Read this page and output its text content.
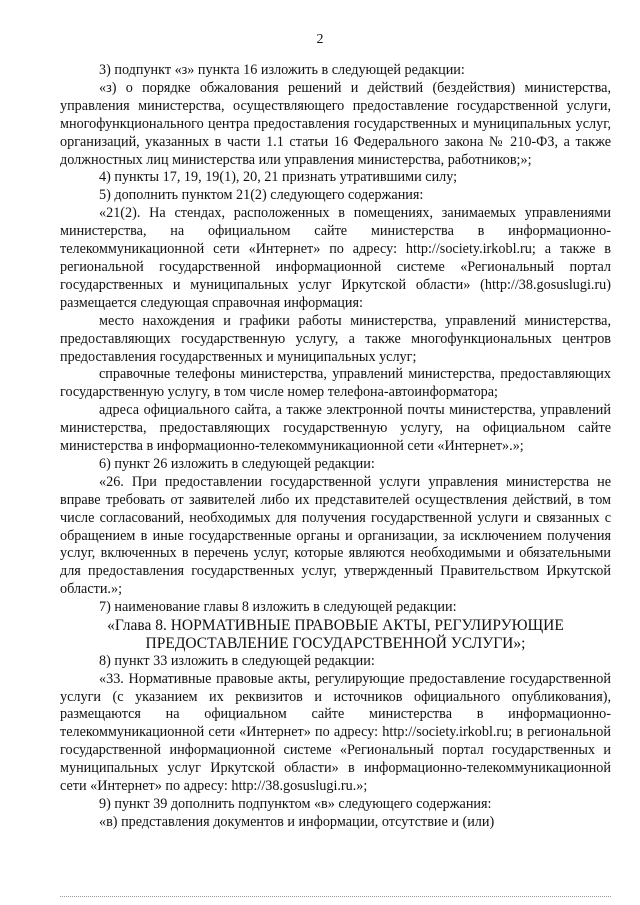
2

3) подпункт «з» пункта 16 изложить в следующей редакции:

«з) о порядке обжалования решений и действий (бездействия) министерства, управления министерства, осуществляющего предоставление государственной услуги, многофункционального центра предоставления государственных и муниципальных услуг, организаций, указанных в части 1.1 статьи 16 Федерального закона № 210-ФЗ, а также должностных лиц министерства или управления министерства, работников;»;

4) пункты 17, 19, 19(1), 20, 21 признать утратившими силу;

5) дополнить пунктом 21(2) следующего содержания:

«21(2). На стендах, расположенных в помещениях, занимаемых управлениями министерства, на официальном сайте министерства в информационно-телекоммуникационной сети «Интернет» по адресу: http://society.irkobl.ru; а также в региональной государственной информационной системе «Региональный портал государственных и муниципальных услуг Иркутской области» (http://38.gosuslugi.ru) размещается следующая справочная информация:

место нахождения и графики работы министерства, управлений министерства, предоставляющих государственную услугу, а также многофункциональных центров предоставления государственных и муниципальных услуг;

справочные телефоны министерства, управлений министерства, предоставляющих государственную услугу, в том числе номер телефона-автоинформатора;

адреса официального сайта, а также электронной почты министерства, управлений министерства, предоставляющих государственную услугу, на официальном сайте министерства в информационно-телекоммуникационной сети «Интернет».»;

6) пункт 26 изложить в следующей редакции:

«26. При предоставлении государственной услуги управления министерства не вправе требовать от заявителей либо их представителей осуществления действий, в том числе согласований, необходимых для получения государственной услуги и связанных с обращением в иные государственные органы и организации, за исключением получения услуг, включенных в перечень услуг, которые являются необходимыми и обязательными для предоставления государственных услуг, утвержденный Правительством Иркутской области.»;

7) наименование главы 8 изложить в следующей редакции:

«Глава 8. НОРМАТИВНЫЕ ПРАВОВЫЕ АКТЫ, РЕГУЛИРУЮЩИЕ ПРЕДОСТАВЛЕНИЕ ГОСУДАРСТВЕННОЙ УСЛУГИ»;

8) пункт 33 изложить в следующей редакции:

«33. Нормативные правовые акты, регулирующие предоставление государственной услуги (с указанием их реквизитов и источников официального опубликования), размещаются на официальном сайте министерства в информационно-телекоммуникационной сети «Интернет» по адресу: http://society.irkobl.ru; в региональной государственной информационной системе «Региональный портал государственных и муниципальных услуг Иркутской области» в информационно-телекоммуникационной сети «Интернет» по адресу: http://38.gosuslugi.ru.»;

9) пункт 39 дополнить подпунктом «в» следующего содержания:

«в) представления документов и информации, отсутствие и (или)
